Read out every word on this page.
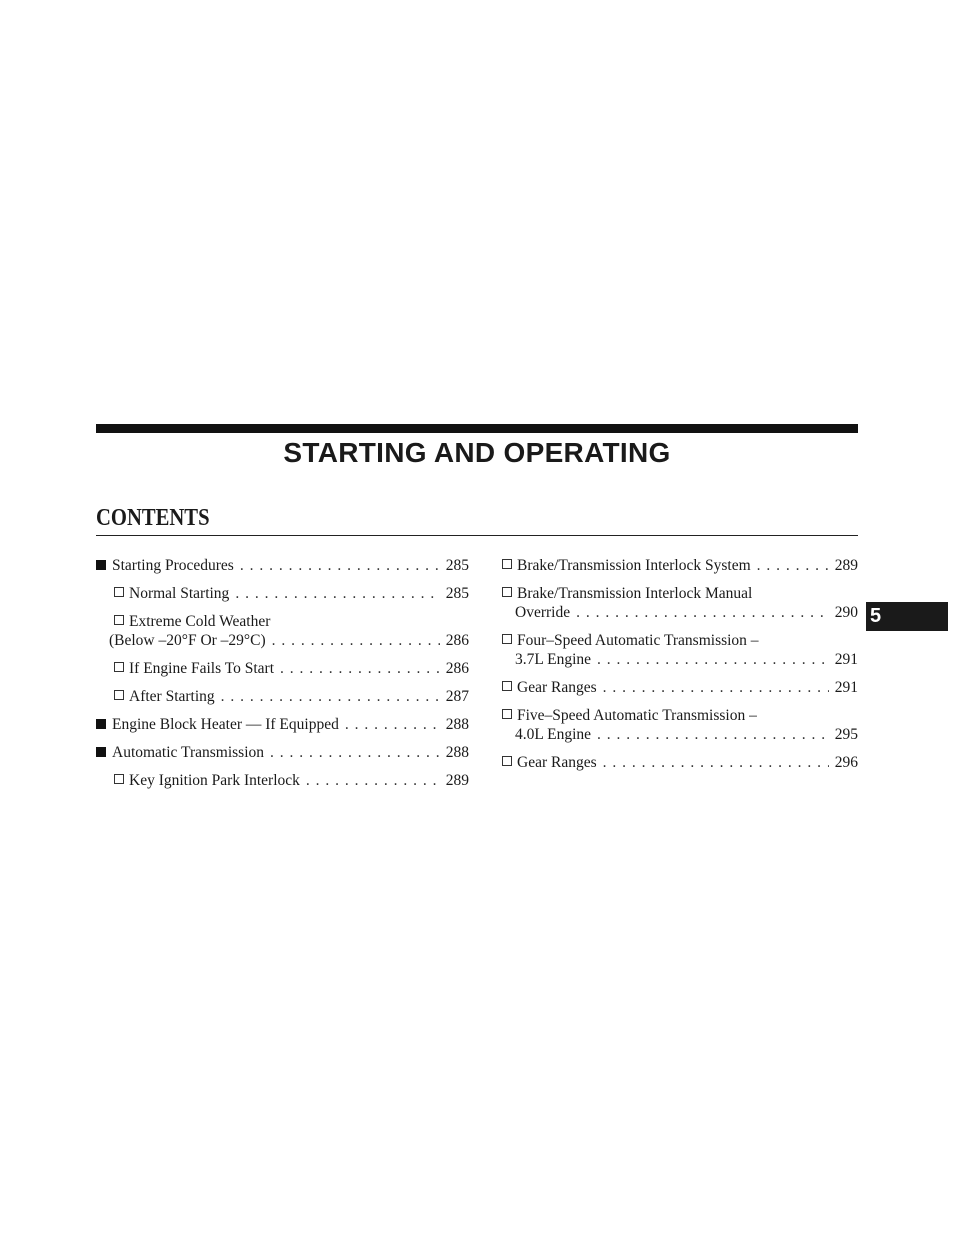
STARTING AND OPERATING
CONTENTS
Starting Procedures . . .	285
Normal Starting . . .	285
Extreme Cold Weather
(Below –20°F Or –29°C) . . .	286
If Engine Fails To Start . . .	286
After Starting . . .	287
Engine Block Heater — If Equipped . . .	288
Automatic Transmission . . .	288
Key Ignition Park Interlock . . .	289
Brake/Transmission Interlock System . . .	289
Brake/Transmission Interlock Manual
Override . . .	290
Four–Speed Automatic Transmission –
3.7L Engine . . .	291
Gear Ranges . . .	291
Five–Speed Automatic Transmission –
4.0L Engine . . .	295
Gear Ranges . . .	296
5
